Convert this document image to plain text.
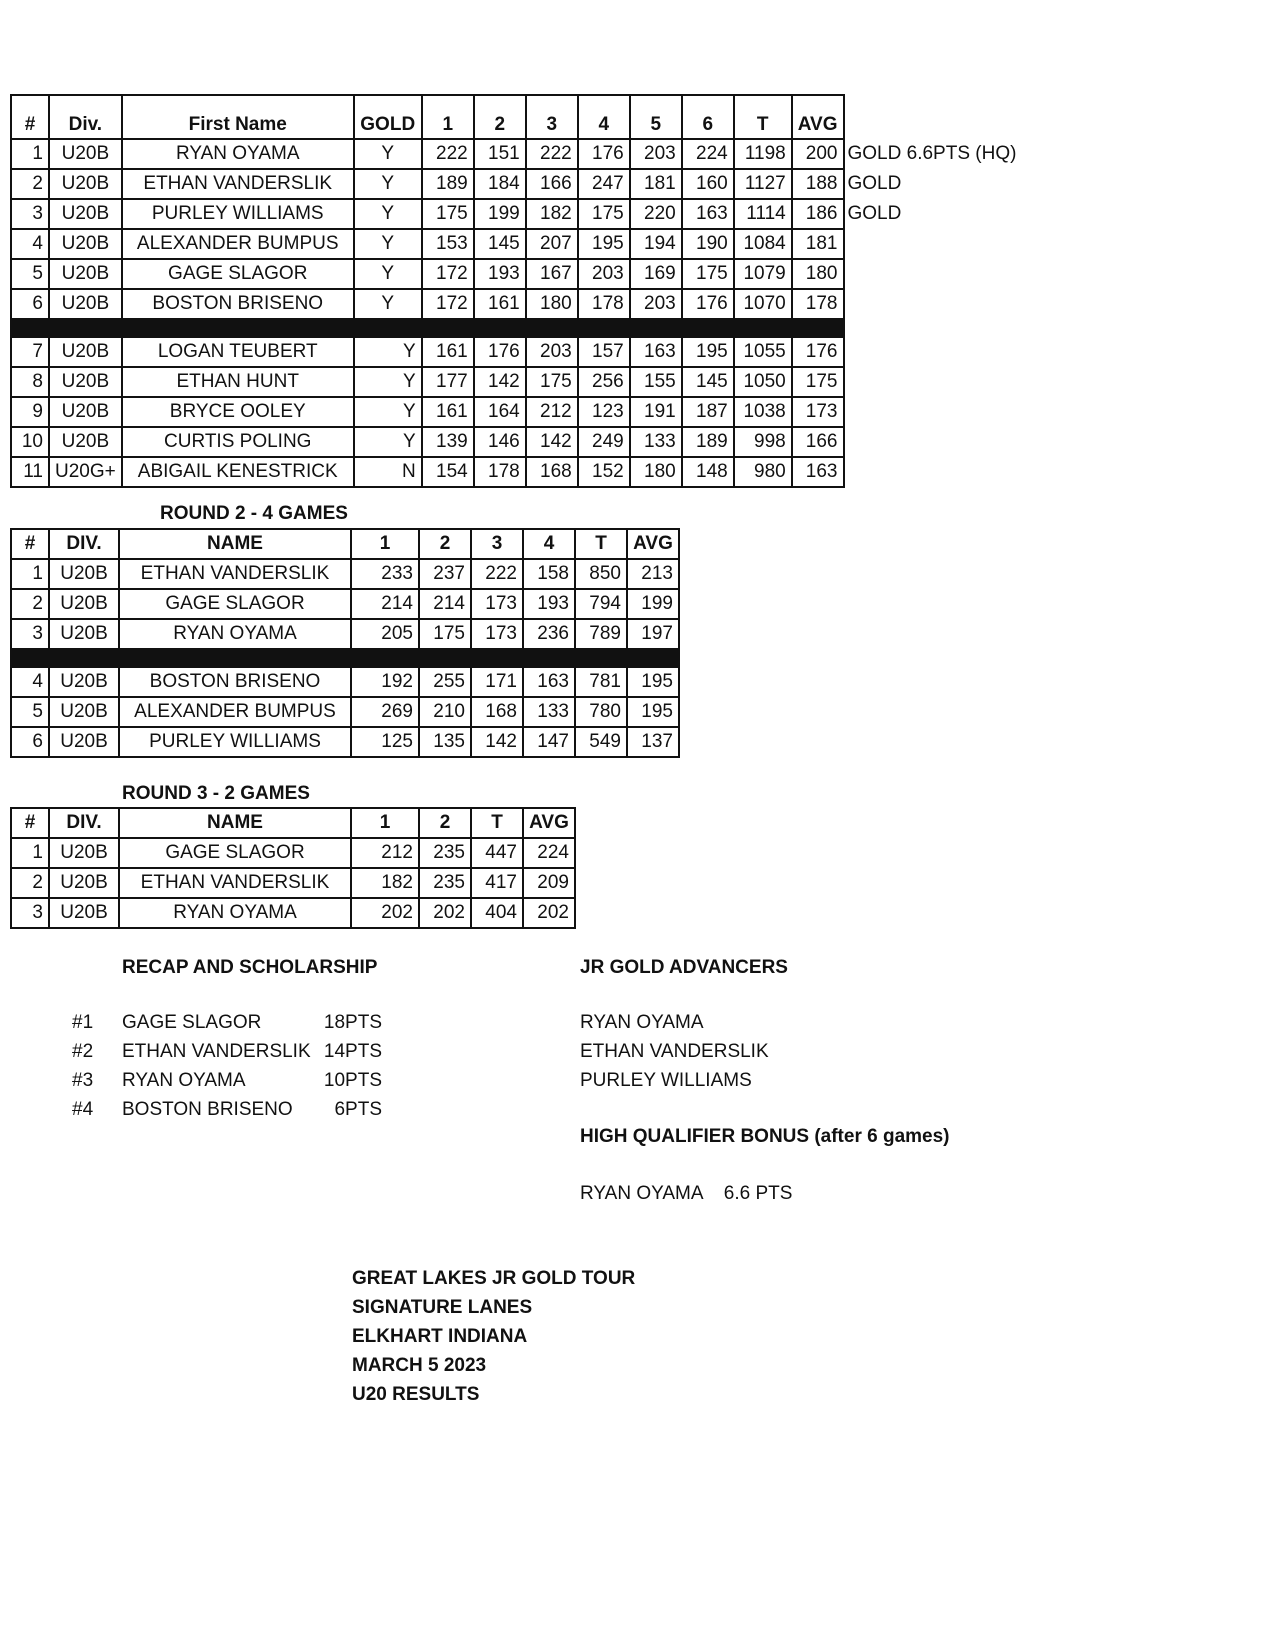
#	Div.	First Name	GOLD	1	2	3	4	5	6	T	AVG	
1	U20B	RYAN OYAMA	Y	222	151	222	176	203	224	1198	200	GOLD 6.6PTS (HQ)
2	U20B	ETHAN VANDERSLIK	Y	189	184	166	247	181	160	1127	188	GOLD
3	U20B	PURLEY WILLIAMS	Y	175	199	182	175	220	163	1114	186	GOLD
4	U20B	ALEXANDER BUMPUS	Y	153	145	207	195	194	190	1084	181	
5	U20B	GAGE SLAGOR	Y	172	193	167	203	169	175	1079	180	
6	U20B	BOSTON BRISENO	Y	172	161	180	178	203	176	1070	178	

7	U20B	LOGAN TEUBERT	Y	161	176	203	157	163	195	1055	176	
8	U20B	ETHAN HUNT	Y	177	142	175	256	155	145	1050	175	
9	U20B	BRYCE OOLEY	Y	161	164	212	123	191	187	1038	173	
10	U20B	CURTIS POLING	Y	139	146	142	249	133	189	998	166	
11	U20G+	ABIGAIL KENESTRICK	N	154	178	168	152	180	148	980	163	
ROUND 2 - 4 GAMES
#	DIV.	NAME	1	2	3	4	T	AVG
1	U20B	ETHAN VANDERSLIK	233	237	222	158	850	213
2	U20B	GAGE SLAGOR	214	214	173	193	794	199
3	U20B	RYAN OYAMA	205	175	173	236	789	197

4	U20B	BOSTON BRISENO	192	255	171	163	781	195
5	U20B	ALEXANDER BUMPUS	269	210	168	133	780	195
6	U20B	PURLEY WILLIAMS	125	135	142	147	549	137
ROUND 3 - 2 GAMES
#	DIV.	NAME	1	2	T	AVG
1	U20B	GAGE SLAGOR	212	235	447	224
2	U20B	ETHAN VANDERSLIK	182	235	417	209
3	U20B	RYAN OYAMA	202	202	404	202
RECAP AND SCHOLARSHIP
#1	GAGE SLAGOR	18PTS
#2	ETHAN VANDERSLIK 14PTS
#3	RYAN OYAMA	10PTS
#4	BOSTON BRISENO	6PTS
JR GOLD ADVANCERS
RYAN OYAMA
ETHAN VANDERSLIK
PURLEY WILLIAMS
HIGH QUALIFIER BONUS (after 6 games)
RYAN OYAMA 6.6 PTS
GREAT LAKES JR GOLD TOUR
SIGNATURE LANES
ELKHART INDIANA
MARCH 5 2023
U20 RESULTS
